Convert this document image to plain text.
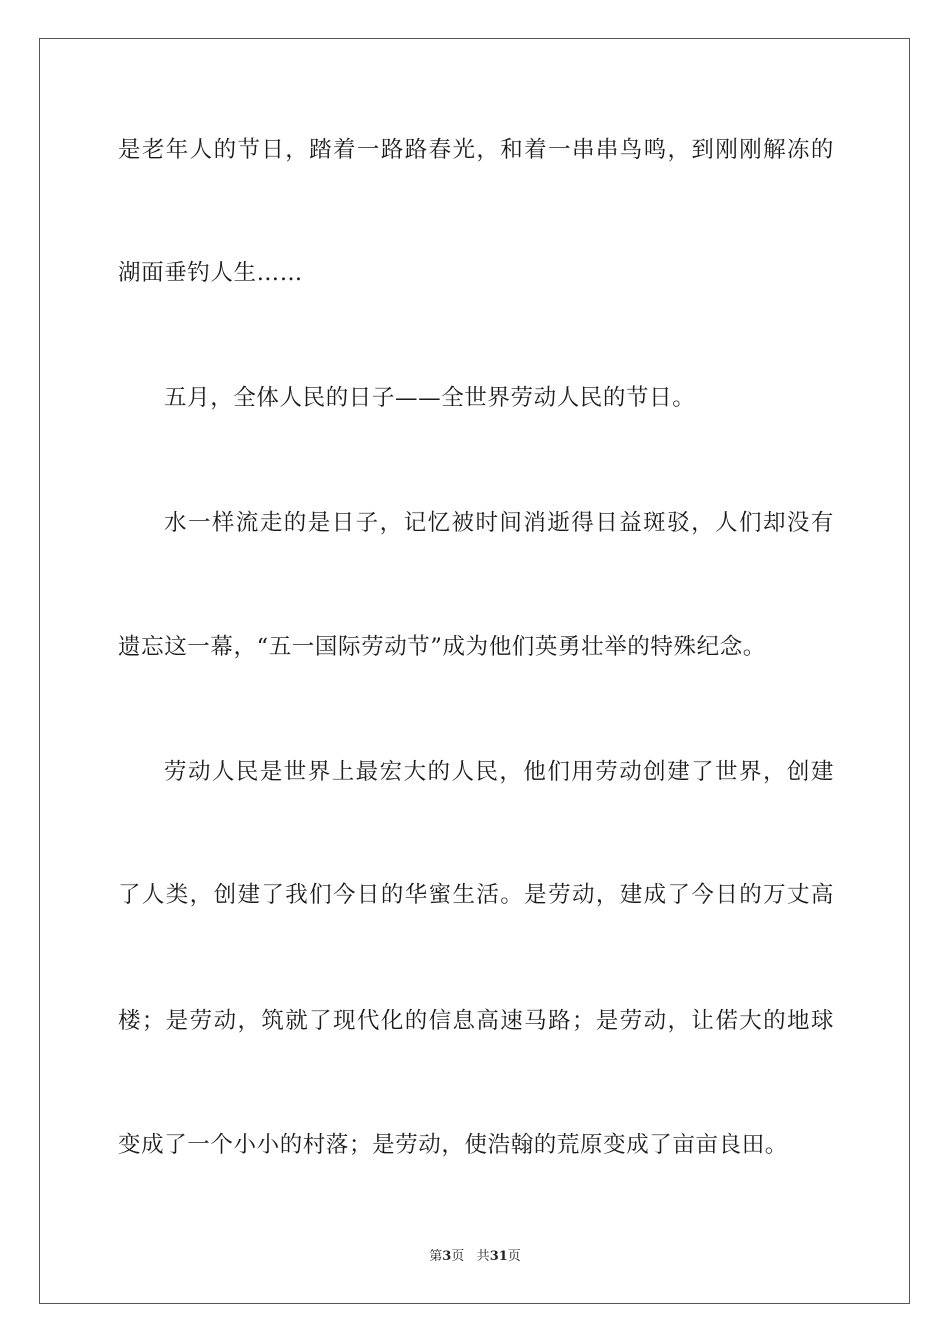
是老年人的节日，踏着一路路春光，和着一串串鸟鸣，到刚刚解冻的
湖面垂钓人生……
五月，全体人民的日子——全世界劳动人民的节日。
水一样流走的是日子，记忆被时间消逝得日益斑驳，人们却没有
遗忘这一幕，“五一国际劳动节”成为他们英勇壮举的特殊纪念。
劳动人民是世界上最宏大的人民，他们用劳动创建了世界，创建
了人类，创建了我们今日的华蜜生活。是劳动，建成了今日的万丈高
楼；是劳动，筑就了现代化的信息高速马路；是劳动，让偌大的地球
变成了一个小小的村落；是劳动，使浩翰的荒原变成了亩亩良田。
第3页 共31页
